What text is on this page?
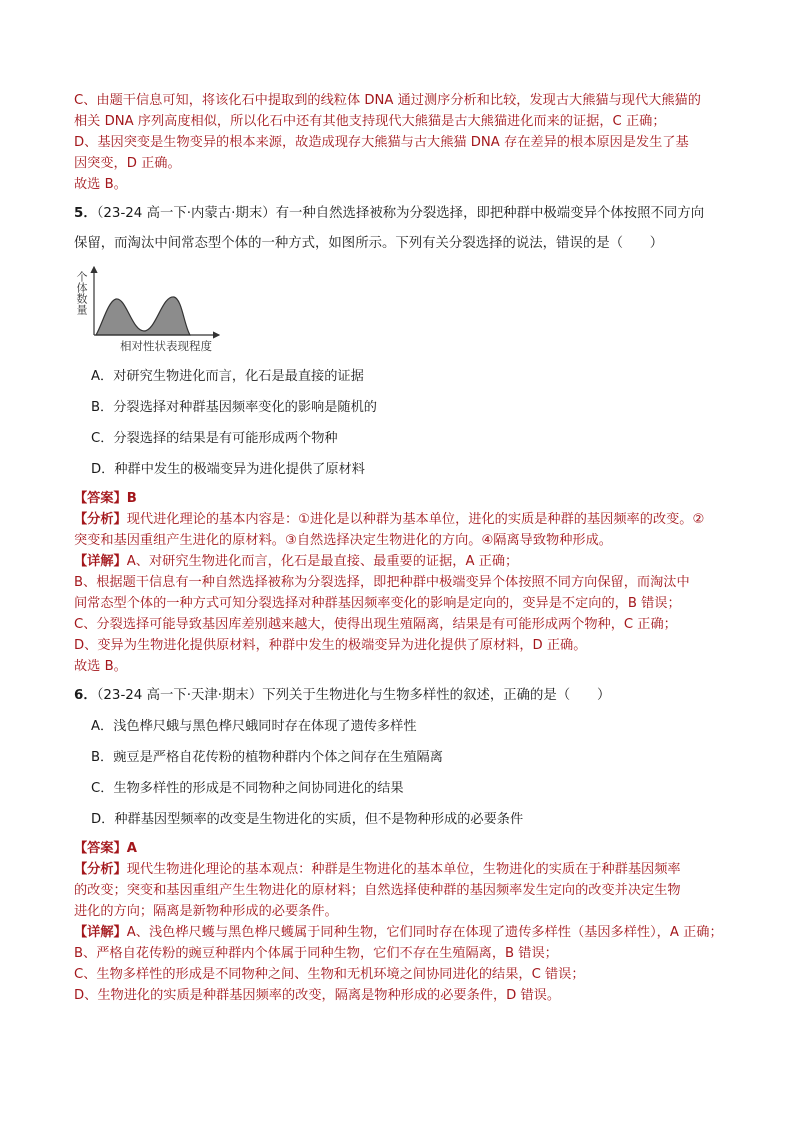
C、由题干信息可知，将该化石中提取到的线粒体 DNA 通过测序分析和比较，发现古大熊猫与现代大熊猫的
相关 DNA 序列高度相似，所以化石中还有其他支持现代大熊猫是古大熊猫进化而来的证据，C 正确；
D、基因突变是生物变异的根本来源，故造成现存大熊猫与古大熊猫 DNA 存在差异的根本原因是发生了基
因突变，D 正确。
故选 B。
5．（23-24 高一下·内蒙古·期末）有一种自然选择被称为分裂选择，即把种群中极端变异个体按照不同方向
保留，而淘汰中间常态型个体的一种方式，如图所示。下列有关分裂选择的说法，错误的是（　　）
个体数量
相对性状表现程度
A．对研究生物进化而言，化石是最直接的证据
B．分裂选择对种群基因频率变化的影响是随机的
C．分裂选择的结果是有可能形成两个物种
D．种群中发生的极端变异为进化提供了原材料
【答案】B
【分析】现代进化理论的基本内容是：①进化是以种群为基本单位，进化的实质是种群的基因频率的改变。②
突变和基因重组产生进化的原材料。③自然选择决定生物进化的方向。④隔离导致物种形成。
【详解】A、对研究生物进化而言，化石是最直接、最重要的证据，A 正确；
B、根据题干信息有一种自然选择被称为分裂选择，即把种群中极端变异个体按照不同方向保留，而淘汰中
间常态型个体的一种方式可知分裂选择对种群基因频率变化的影响是定向的，变异是不定向的，B 错误；
C、分裂选择可能导致基因库差别越来越大，使得出现生殖隔离，结果是有可能形成两个物种，C 正确；
D、变异为生物进化提供原材料，种群中发生的极端变异为进化提供了原材料，D 正确。
故选 B。
6．（23-24 高一下·天津·期末）下列关于生物进化与生物多样性的叙述，正确的是（　　）
A．浅色桦尺蛾与黑色桦尺蛾同时存在体现了遗传多样性
B．豌豆是严格自花传粉的植物种群内个体之间存在生殖隔离
C．生物多样性的形成是不同物种之间协同进化的结果
D．种群基因型频率的改变是生物进化的实质，但不是物种形成的必要条件
【答案】A
【分析】现代生物进化理论的基本观点：种群是生物进化的基本单位，生物进化的实质在于种群基因频率
的改变；突变和基因重组产生生物进化的原材料；自然选择使种群的基因频率发生定向的改变并决定生物
进化的方向；隔离是新物种形成的必要条件。
【详解】A、浅色桦尺蠖与黑色桦尺蠖属于同种生物，它们同时存在体现了遗传多样性（基因多样性），A 正确；
B、严格自花传粉的豌豆种群内个体属于同种生物，它们不存在生殖隔离，B 错误；
C、生物多样性的形成是不同物种之间、生物和无机环境之间协同进化的结果，C 错误；
D、生物进化的实质是种群基因频率的改变，隔离是物种形成的必要条件，D 错误。
